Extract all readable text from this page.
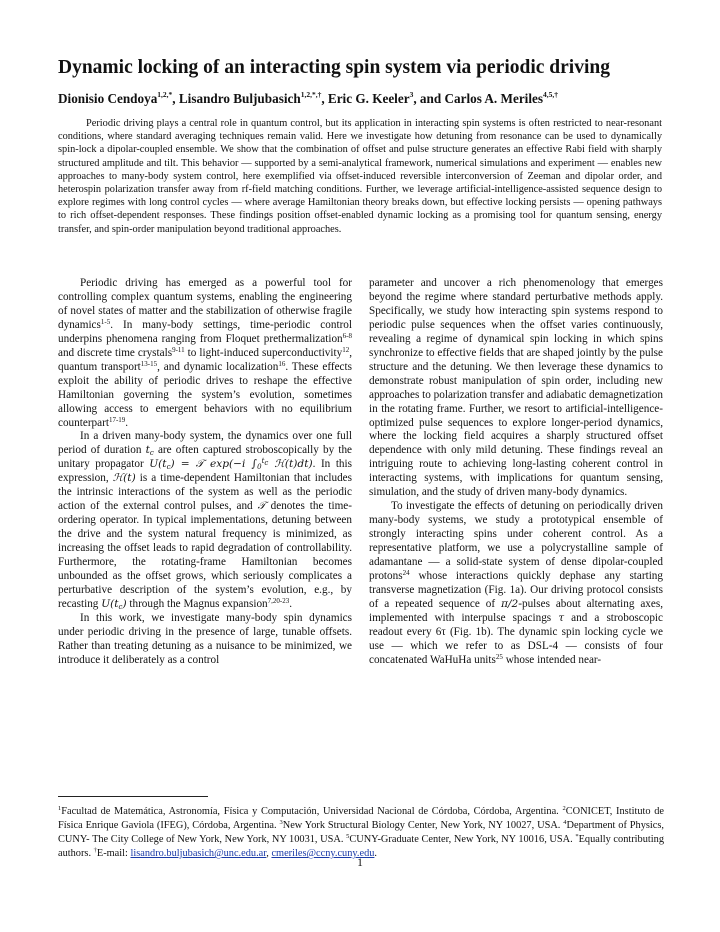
Dynamic locking of an interacting spin system via periodic driving
Dionisio Cendoya$^{1,2,*}$, Lisandro Buljubasich$^{1,2,*,\dagger}$, Eric G. Keeler$^3$, and Carlos A. Meriles$^{4,5,\dagger}$

Periodic driving plays a central role in quantum control, but its application in interacting spin systems is often restricted to near-resonant conditions, where standard averaging techniques remain valid. Here we investigate how detuning from resonance can be used to dynamically spin-lock a dipolar-coupled ensemble. We show that the combination of offset and pulse structure generates an effective Rabi field with sharply structured amplitude and tilt. This behavior — supported by a semi-analytical framework, numerical simulations and experiment — enables new approaches to many-body system control, here exemplified via offset-induced reversible interconversion of Zeeman and dipolar order, and heterospin polarization transfer away from rf-field matching conditions. Further, we leverage artificial-intelligence-assisted sequence design to explore regimes with long control cycles — where average Hamiltonian theory breaks down, but effective locking persists — opening pathways to rich offset-dependent responses. These findings position offset-enabled dynamic locking as a promising tool for quantum sensing, energy transfer, and spin-order manipulation beyond traditional approaches.

Periodic driving has emerged as a powerful tool for controlling complex quantum systems, enabling the engineering of novel states of matter and the stabilization of otherwise fragile dynamics$^{1-5}$. In many-body settings, time-periodic control underpins phenomena ranging from Floquet prethermalization$^{6-8}$ and discrete time crystals$^{9-11}$ to light-induced superconductivity$^{12}$, quantum transport$^{13-15}$, and dynamic localization$^{16}$. These effects exploit the ability of periodic drives to reshape the effective Hamiltonian governing the system’s evolution, sometimes allowing access to emergent behaviors with no equilibrium counterpart$^{17-19}$.

In a driven many-body system, the dynamics over one full period of duration $t_c$ are often captured stroboscopically by the unitary propagator $U(t_c)$ = 𝒯 exp(−i $\int_0^{t_c}$ ℋ(t)dt). In this expression, ℋ(t) is a time-dependent Hamiltonian that includes the intrinsic interactions of the system as well as the periodic action of the external control pulses, and 𝒯 denotes the time-ordering operator. In typical implementations, detuning between the drive and the system natural frequency is minimized, as increasing the offset leads to rapid degradation of controllability. Furthermore, the rotating-frame Hamiltonian becomes unbounded as the offset grows, which seriously complicates a perturbative description of the system’s evolution, e.g., by recasting $U(t_c)$ through the Magnus expansion$^{7,20-23}$.

In this work, we investigate many-body spin dynamics under periodic driving in the presence of large, tunable offsets. Rather than treating detuning as a nuisance to be minimized, we introduce it deliberately as a control

parameter and uncover a rich phenomenology that emerges beyond the regime where standard perturbative methods apply. Specifically, we study how interacting spin systems respond to periodic pulse sequences when the offset varies continuously, revealing a regime of dynamical spin locking in which spins synchronize to effective fields that are shaped jointly by the pulse structure and the detuning. We then leverage these dynamics to demonstrate robust manipulation of spin order, including new approaches to polarization transfer and adiabatic demagnetization in the rotating frame. Further, we resort to artificial-intelligence-optimized pulse sequences to explore longer-period dynamics, where the locking field acquires a sharply structured offset dependence with only mild detuning. These findings reveal an intriguing route to achieving long-lasting coherent control in interacting systems, with implications for quantum sensing, simulation, and the study of driven many-body dynamics.

To investigate the effects of detuning on periodically driven many-body systems, we study a prototypical ensemble of strongly interacting spins under coherent control. As a representative platform, we use a polycrystalline sample of adamantane — a solid-state system of dense dipolar-coupled protons$^{24}$ whose interactions quickly dephase any starting transverse magnetization (Fig. 1a). Our driving protocol consists of a repeated sequence of π/2-pulses about alternating axes, implemented with interpulse spacings τ and a stroboscopic readout every 6τ (Fig. 1b). The dynamic spin locking cycle we use — which we refer to as DSL-4 — consists of four concatenated WaHuHa units$^{25}$ whose intended near-

$^1$Facultad de Matemática, Astronomía, Física y Computación, Universidad Nacional de Córdoba, Córdoba, Argentina. $^2$CONICET, Instituto de Física Enrique Gaviola (IFEG), Córdoba, Argentina. $^3$New York Structural Biology Center, New York, NY 10027, USA. $^4$Department of Physics, CUNY- The City College of New York, New York, NY 10031, USA. $^5$CUNY-Graduate Center, New York, NY 10016, USA. *Equally contributing authors. †E-mail: lisandro.buljubasich@unc.edu.ar, cmeriles@ccny.cuny.edu.

1
